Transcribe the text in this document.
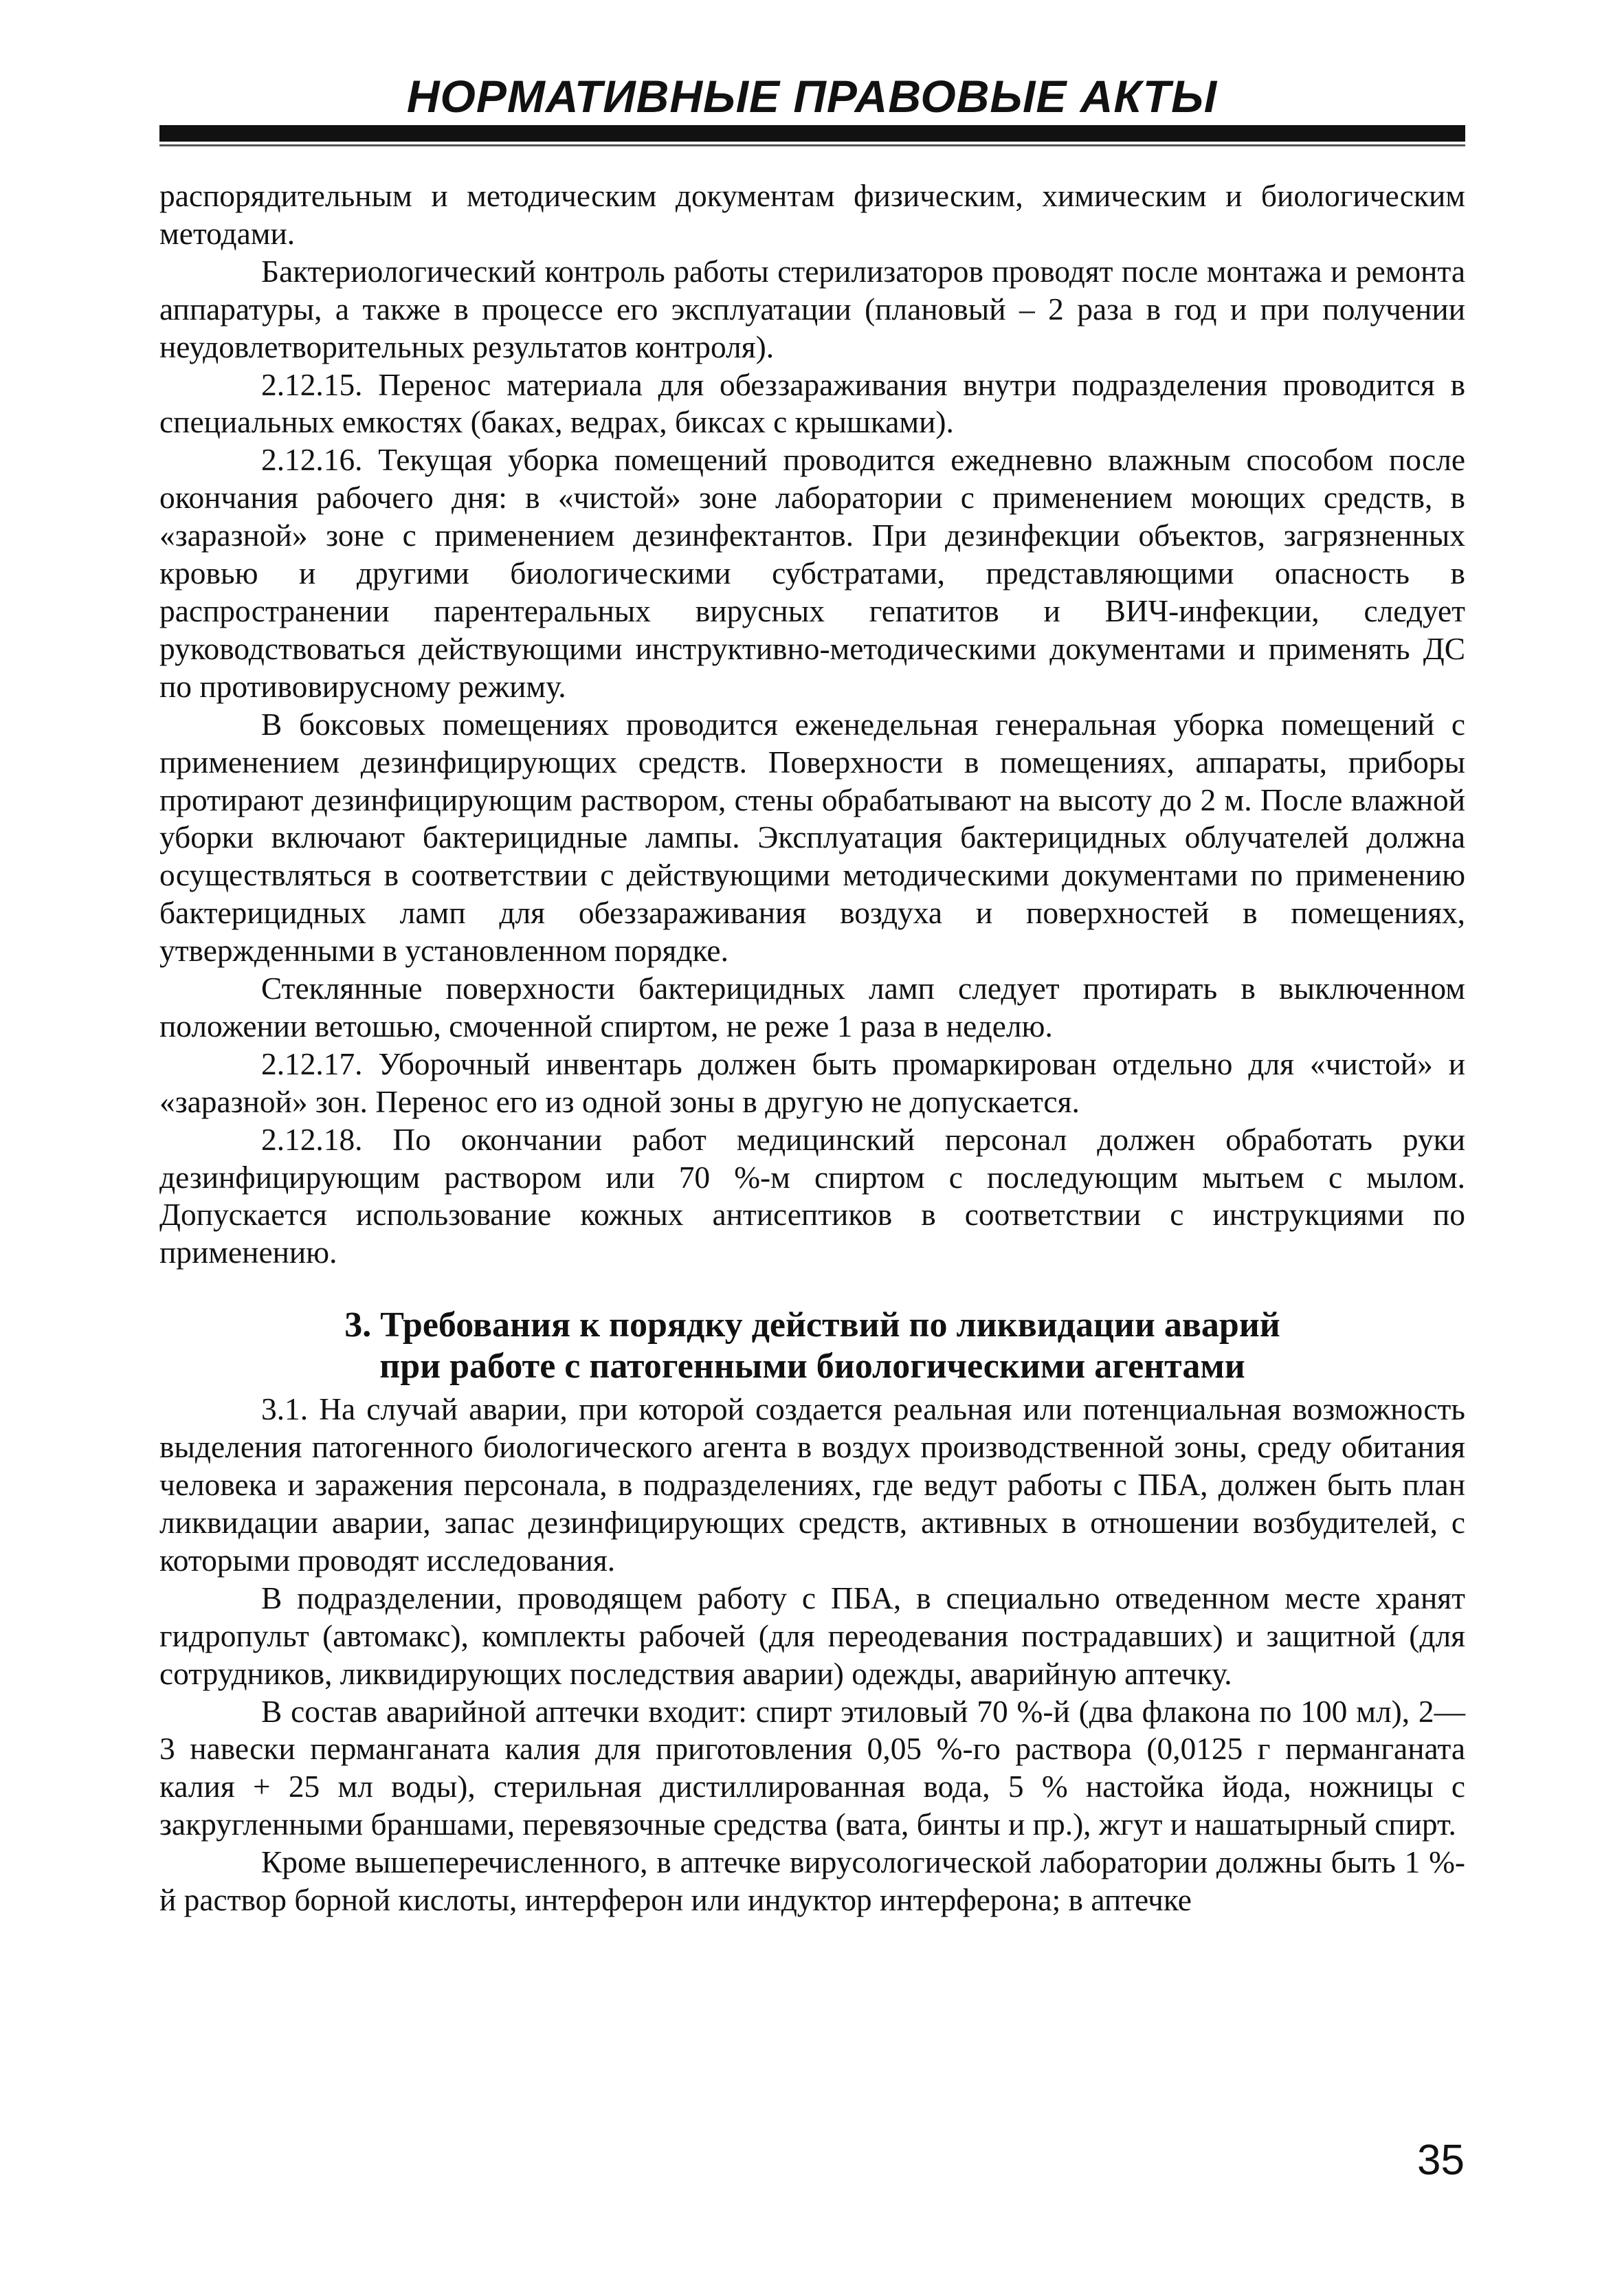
НОРМАТИВНЫЕ ПРАВОВЫЕ АКТЫ

распорядительным и методическим документам физическим, химическим и биологическим методами.

Бактериологический контроль работы стерилизаторов проводят после монтажа и ремонта аппаратуры, а также в процессе его эксплуатации (плановый – 2 раза в год и при получении неудовлетворительных результатов контроля).

2.12.15. Перенос материала для обеззараживания внутри подразделения проводится в специальных емкостях (баках, ведрах, биксах с крышками).

2.12.16. Текущая уборка помещений проводится ежедневно влажным способом после окончания рабочего дня: в «чистой» зоне лаборатории с применением моющих средств, в «заразной» зоне с применением дезинфектантов. При дезинфекции объектов, загрязненных кровью и другими биологическими субстратами, представляющими опасность в распространении парентеральных вирусных гепатитов и ВИЧ-инфекции, следует руководствоваться действующими инструктивно-методическими документами и применять ДС по противовирусному режиму.

В боксовых помещениях проводится еженедельная генеральная уборка помещений с применением дезинфицирующих средств. Поверхности в помещениях, аппараты, приборы протирают дезинфицирующим раствором, стены обрабатывают на высоту до 2 м. После влажной уборки включают бактерицидные лампы. Эксплуатация бактерицидных облучателей должна осуществляться в соответствии с действующими методическими документами по применению бактерицидных ламп для обеззараживания воздуха и поверхностей в помещениях, утвержденными в установленном порядке.

Стеклянные поверхности бактерицидных ламп следует протирать в выключенном положении ветошью, смоченной спиртом, не реже 1 раза в неделю.

2.12.17. Уборочный инвентарь должен быть промаркирован отдельно для «чистой» и «заразной» зон. Перенос его из одной зоны в другую не допускается.

2.12.18. По окончании работ медицинский персонал должен обработать руки дезинфицирующим раствором или 70 %-м спиртом с последующим мытьем с мылом. Допускается использование кожных антисептиков в соответствии с инструкциями по применению.

3. Требования к порядку действий по ликвидации аварий
при работе с патогенными биологическими агентами

3.1. На случай аварии, при которой создается реальная или потенциальная возможность выделения патогенного биологического агента в воздух производственной зоны, среду обитания человека и заражения персонала, в подразделениях, где ведут работы с ПБА, должен быть план ликвидации аварии, запас дезинфицирующих средств, активных в отношении возбудителей, с которыми проводят исследования.

В подразделении, проводящем работу с ПБА, в специально отведенном месте хранят гидропульт (автомакс), комплекты рабочей (для переодевания пострадавших) и защитной (для сотрудников, ликвидирующих последствия аварии) одежды, аварийную аптечку.

В состав аварийной аптечки входит: спирт этиловый 70 %-й (два флакона по 100 мл), 2—3 навески перманганата калия для приготовления 0,05 %-го раствора (0,0125 г перманганата калия + 25 мл воды), стерильная дистиллированная вода, 5 % настойка йода, ножницы с закругленными браншами, перевязочные средства (вата, бинты и пр.), жгут и нашатырный спирт.

Кроме вышеперечисленного, в аптечке вирусологической лаборатории должны быть 1 %-й раствор борной кислоты, интерферон или индуктор интерферона; в аптечке

35
